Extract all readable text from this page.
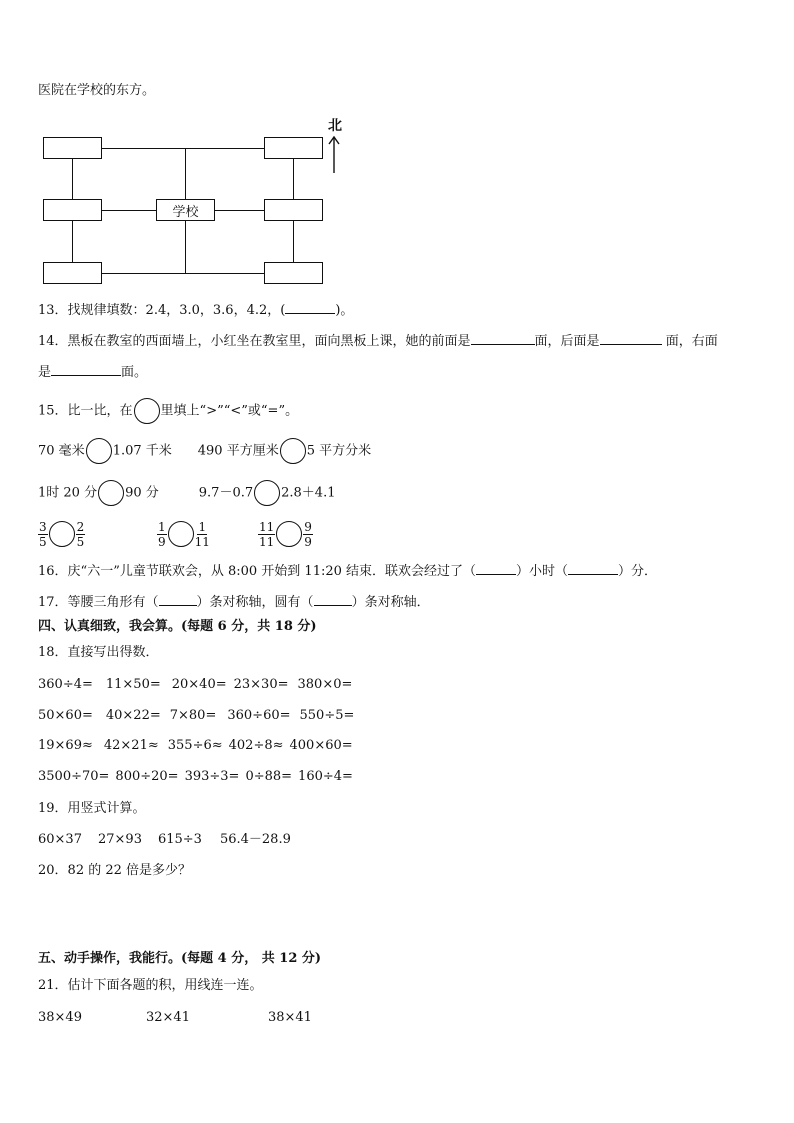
医院在学校的东方。
学校
北
13．找规律填数：2.4，3.0，3.6，4.2，(	)。
14．黑板在教室的西面墙上，小红坐在教室里，面向黑板上课，她的前面是	面，后面是	面，右面
是	面。
15．比一比，在 里填上“>”“<”或“=”。
70 毫米 1.07 千米 490 平方厘米 5 平方分米
1时 20 分 90 分	9.7－0.7 2.8＋4.1
$\frac{3}{5} \frac{2}{5}$	$\frac{1}{9} \frac{1}{11}$	$\frac{11}{11} \frac{9}{9}$
16．庆“六一”儿童节联欢会，从 8:00 开始到 11:20 结束．联欢会经过了（	）小时（	）分．
17．等腰三角形有（	）条对称轴，圆有（	）条对称轴．
四、认真细致，我会算。(每题 6 分，共 18 分)
18．直接写出得数．
360÷4= 11×50= 20×40= 23×30= 380×0=
50×60= 40×22= 7×80= 360÷60= 550÷5=
19×69≈ 42×21≈ 355÷6≈ 402÷8≈ 400×60=
3500÷70= 800÷20= 393÷3= 0÷88= 160÷4=
19．用竖式计算。
60×37 27×93 615÷3 56.4－28.9
20．82 的 22 倍是多少？
五、动手操作，我能行。(每题 4 分， 共 12 分)
21．估计下面各题的积，用线连一连。
38×49	32×41	38×41
